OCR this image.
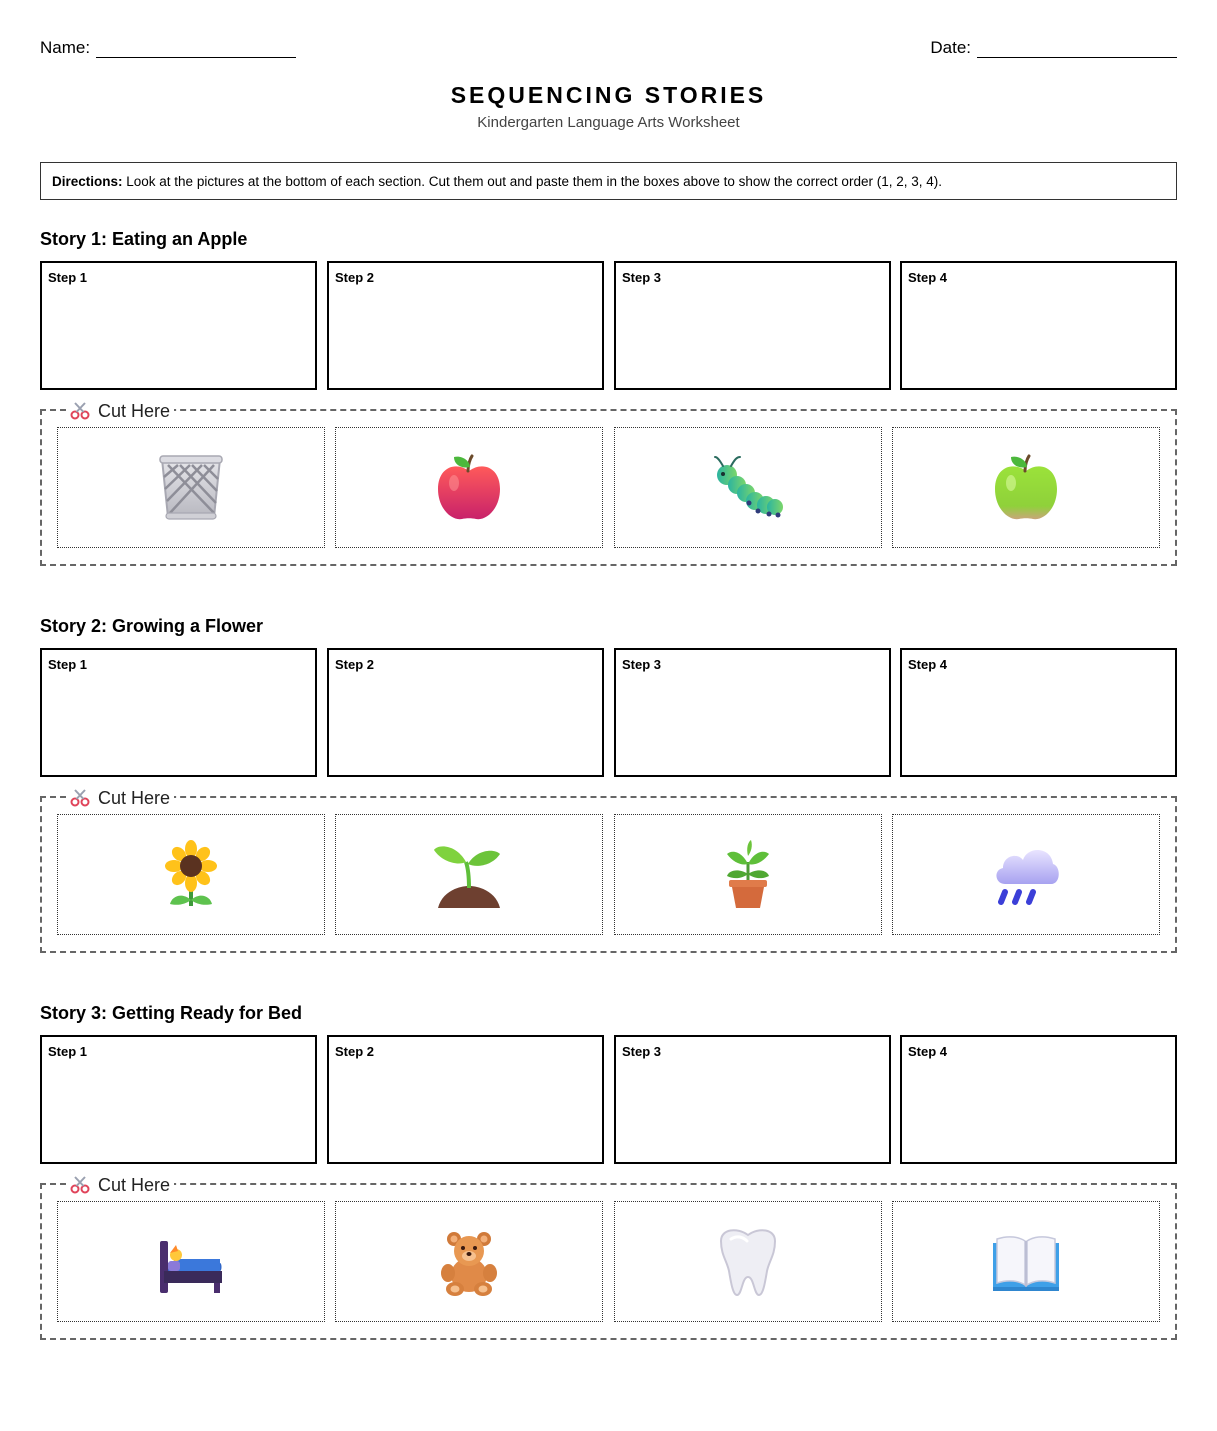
Name:	Date:
SEQUENCING STORIES
Kindergarten Language Arts Worksheet
Directions: Look at the pictures at the bottom of each section. Cut them out and paste them in the boxes above to show the correct order (1, 2, 3, 4).
Story 1: Eating an Apple
Step 1	Step 2	Step 3	Step 4
Cut Here
Story 2: Growing a Flower
Step 1	Step 2	Step 3	Step 4
Cut Here
Story 3: Getting Ready for Bed
Step 1	Step 2	Step 3	Step 4
Cut Here
